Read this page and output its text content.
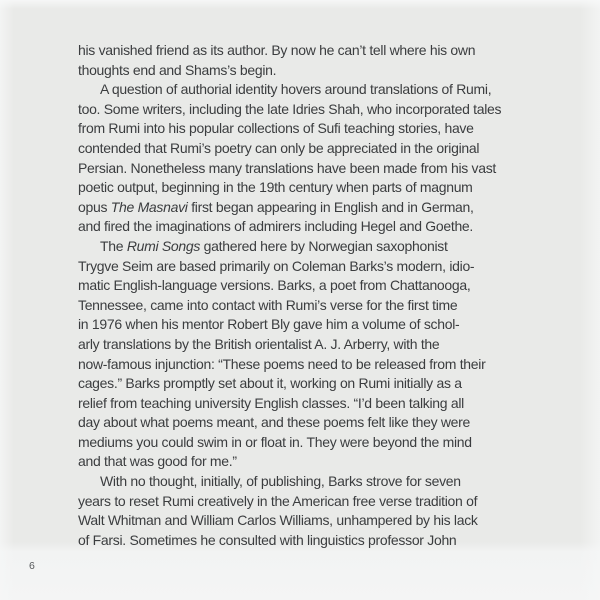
his vanished friend as its author. By now he can’t tell where his own
thoughts end and Shams’s begin.
A question of authorial identity hovers around translations of Rumi,
too. Some writers, including the late Idries Shah, who incorporated tales
from Rumi into his popular collections of Sufi teaching stories, have
contended that Rumi’s poetry can only be appreciated in the original
Persian. Nonetheless many translations have been made from his vast
poetic output, beginning in the 19th century when parts of magnum
opus The Masnavi first began appearing in English and in German,
and fired the imaginations of admirers including Hegel and Goethe.
The Rumi Songs gathered here by Norwegian saxophonist
Trygve Seim are based primarily on Coleman Barks’s modern, idio-
matic English-language versions. Barks, a poet from Chattanooga,
Tennessee, came into contact with Rumi’s verse for the first time
in 1976 when his mentor Robert Bly gave him a volume of schol-
arly translations by the British orientalist A. J. Arberry, with the
now-famous injunction: “These poems need to be released from their
cages.” Barks promptly set about it, working on Rumi initially as a
relief from teaching university English classes. “I’d been talking all
day about what poems meant, and these poems felt like they were
mediums you could swim in or float in. They were beyond the mind
and that was good for me.”
With no thought, initially, of publishing, Barks strove for seven
years to reset Rumi creatively in the American free verse tradition of
Walt Whitman and William Carlos Williams, unhampered by his lack
of Farsi. Sometimes he consulted with linguistics professor John
6
